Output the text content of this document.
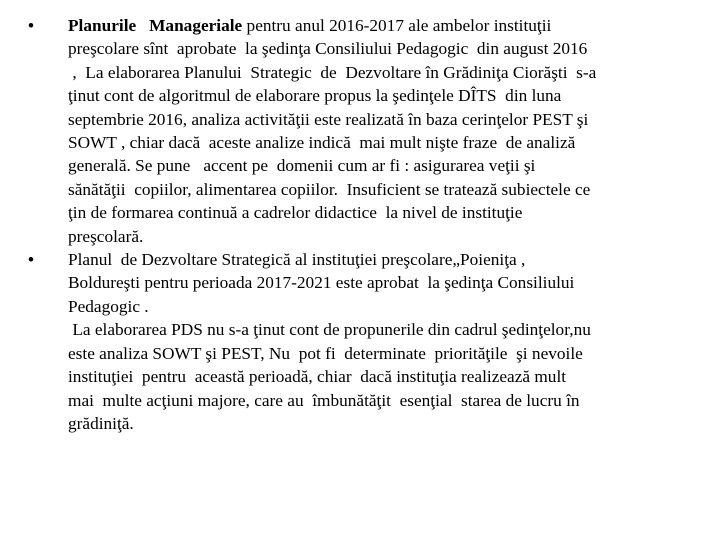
•	Planurile   Manageriale pentru anul 2016-2017 ale ambelor instituţii
preşcolare sînt  aprobate  la şedinţa Consiliului Pedagogic  din august 2016
,  La elaborarea Planului  Strategic  de  Dezvoltare în Grădiniţa Ciorăşti  s-a
ţinut cont de algoritmul de elaborare propus la şedinţele DÎTS  din luna
septembrie 2016, analiza activităţii este realizată în baza cerinţelor PEST şi
SOWT , chiar dacă  aceste analize indică  mai mult nişte fraze  de analiză
generală. Se pune   accent pe  domenii cum ar fi : asigurarea veţii şi
sănătăţii  copiilor, alimentarea copiilor.  Insuficient se tratează subiectele ce
ţin de formarea continuă a cadrelor didactice  la nivel de instituţie
preşcolară.
•	Planul  de Dezvoltare Strategică al instituţiei preşcolare„Poieniţa ,
Boldureşti pentru perioada 2017-2021 este aprobat  la şedinţa Consiliului
Pedagogic .
La elaborarea PDS nu s-a ţinut cont de propunerile din cadrul şedinţelor,nu
este analiza SOWT şi PEST, Nu  pot fi  determinate  priorităţile  şi nevoile
instituţiei  pentru  această perioadă, chiar  dacă instituţia realizează mult
mai  multe acţiuni majore, care au  îmbunătăţit  esenţial  starea de lucru în
grădiniţă.
